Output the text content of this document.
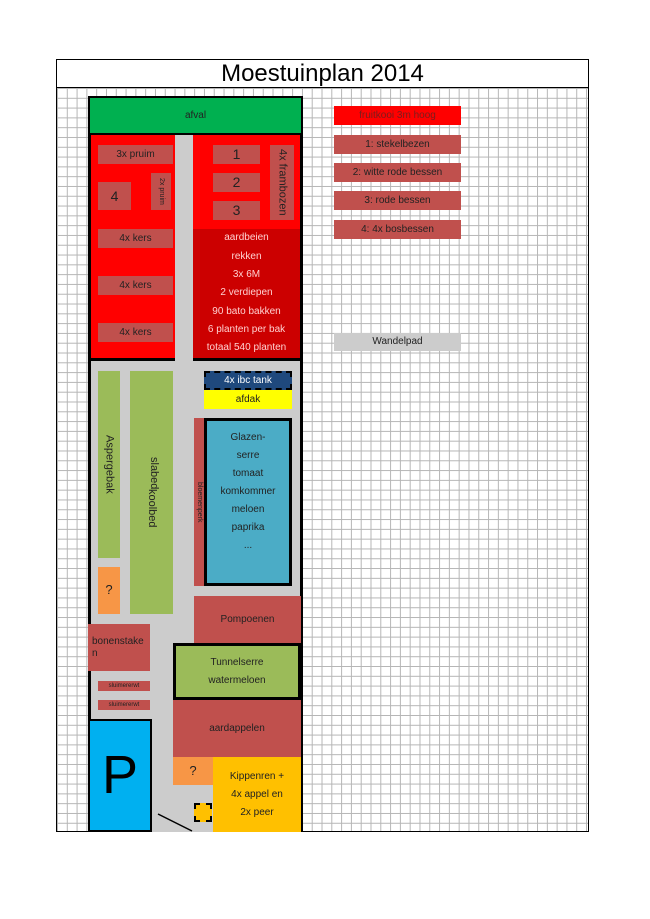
Moestuinplan 2014
afval
3x pruim
4	2x pruim
1
2
3	4x frambozen
4x kers
4x kers
4x kers
aardbeien
rekken
3x 6M
2 verdiepen
90 bato bakken
6 planten per bak
totaal 540 planten
4x ibc tank
afdak
Aspergebak	slabed
koolbed	bloemenperk
Glazen-
serre
tomaat
komkommer
meloen
paprika
...
?
Pompoenen
bonenstake n
Tunnelserre
watermeloen
sluimererwt
sluimererwt
aardappelen
P	?	Kippenren +
4x appel en
2x peer
fruitkooi 3m hoog
1: stekelbezen
2: witte rode bessen
3: rode bessen
4: 4x bosbessen
Wandelpad
